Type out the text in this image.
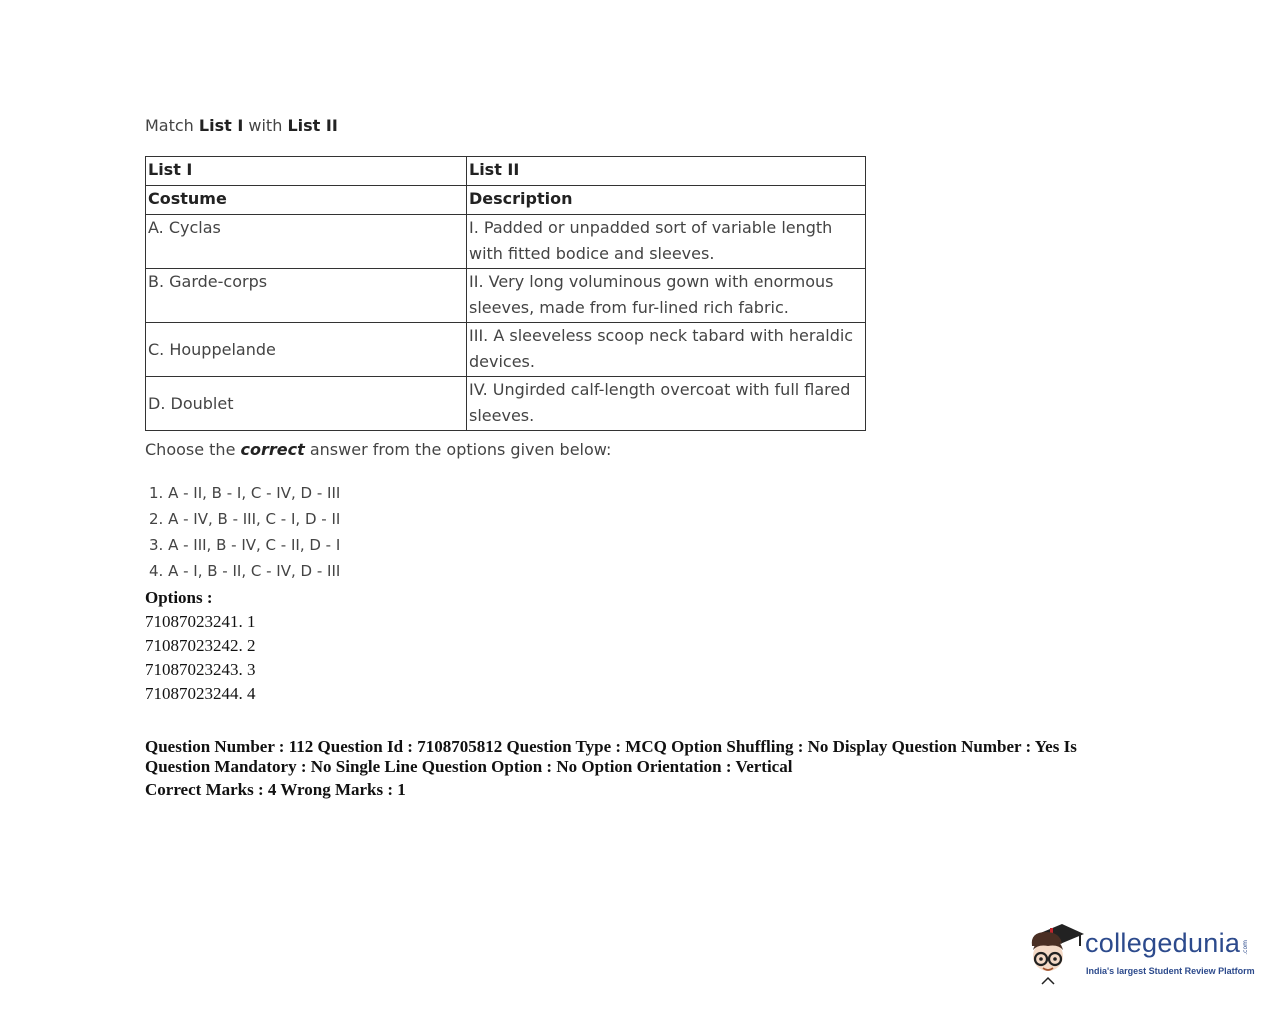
Match List I with List II
List I	List II
Costume	Description
A. Cyclas	I. Padded or unpadded sort of variable length with fitted bodice and sleeves.
B. Garde-corps	II. Very long voluminous gown with enormous sleeves, made from fur-lined rich fabric.
C. Houppelande	III. A sleeveless scoop neck tabard with heraldic devices.
D. Doublet	IV. Ungirded calf-length overcoat with full flared sleeves.
Choose the correct answer from the options given below:
1. A - II, B - I, C - IV, D - III
2. A - IV, B - III, C - I, D - II
3. A - III, B - IV, C - II, D - I
4. A - I, B - II, C - IV, D - III
Options :
71087023241. 1
71087023242. 2
71087023243. 3
71087023244. 4
Question Number : 112 Question Id : 7108705812 Question Type : MCQ Option Shuffling : No Display Question Number : Yes Is Question Mandatory : No Single Line Question Option : No Option Orientation : Vertical
Correct Marks : 4 Wrong Marks : 1
collegedunia .com
India's largest Student Review Platform
